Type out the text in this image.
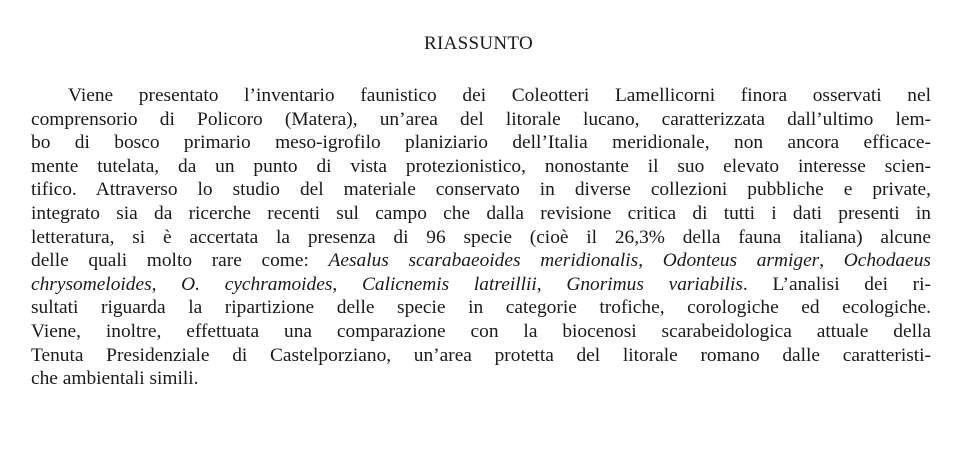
RIASSUNTO
Viene presentato l’inventario faunistico dei Coleotteri Lamellicorni finora osservati nel
comprensorio di Policoro (Matera), un’area del litorale lucano, caratterizzata dall’ultimo lem-
bo di bosco primario meso-igrofilo planiziario dell’Italia meridionale, non ancora efficace-
mente tutelata, da un punto di vista protezionistico, nonostante il suo elevato interesse scien-
tifico. Attraverso lo studio del materiale conservato in diverse collezioni pubbliche e private,
integrato sia da ricerche recenti sul campo che dalla revisione critica di tutti i dati presenti in
letteratura, si è accertata la presenza di 96 specie (cioè il 26,3% della fauna italiana) alcune
delle quali molto rare come: Aesalus scarabaeoides meridionalis, Odonteus armiger, Ochodaeus
chrysomeloides, O. cychramoides, Calicnemis latreillii, Gnorimus variabilis. L’analisi dei ri-
sultati riguarda la ripartizione delle specie in categorie trofiche, corologiche ed ecologiche.
Viene, inoltre, effettuata una comparazione con la biocenosi scarabeidologica attuale della
Tenuta Presidenziale di Castelporziano, un’area protetta del litorale romano dalle caratteristi-
che ambientali simili.
